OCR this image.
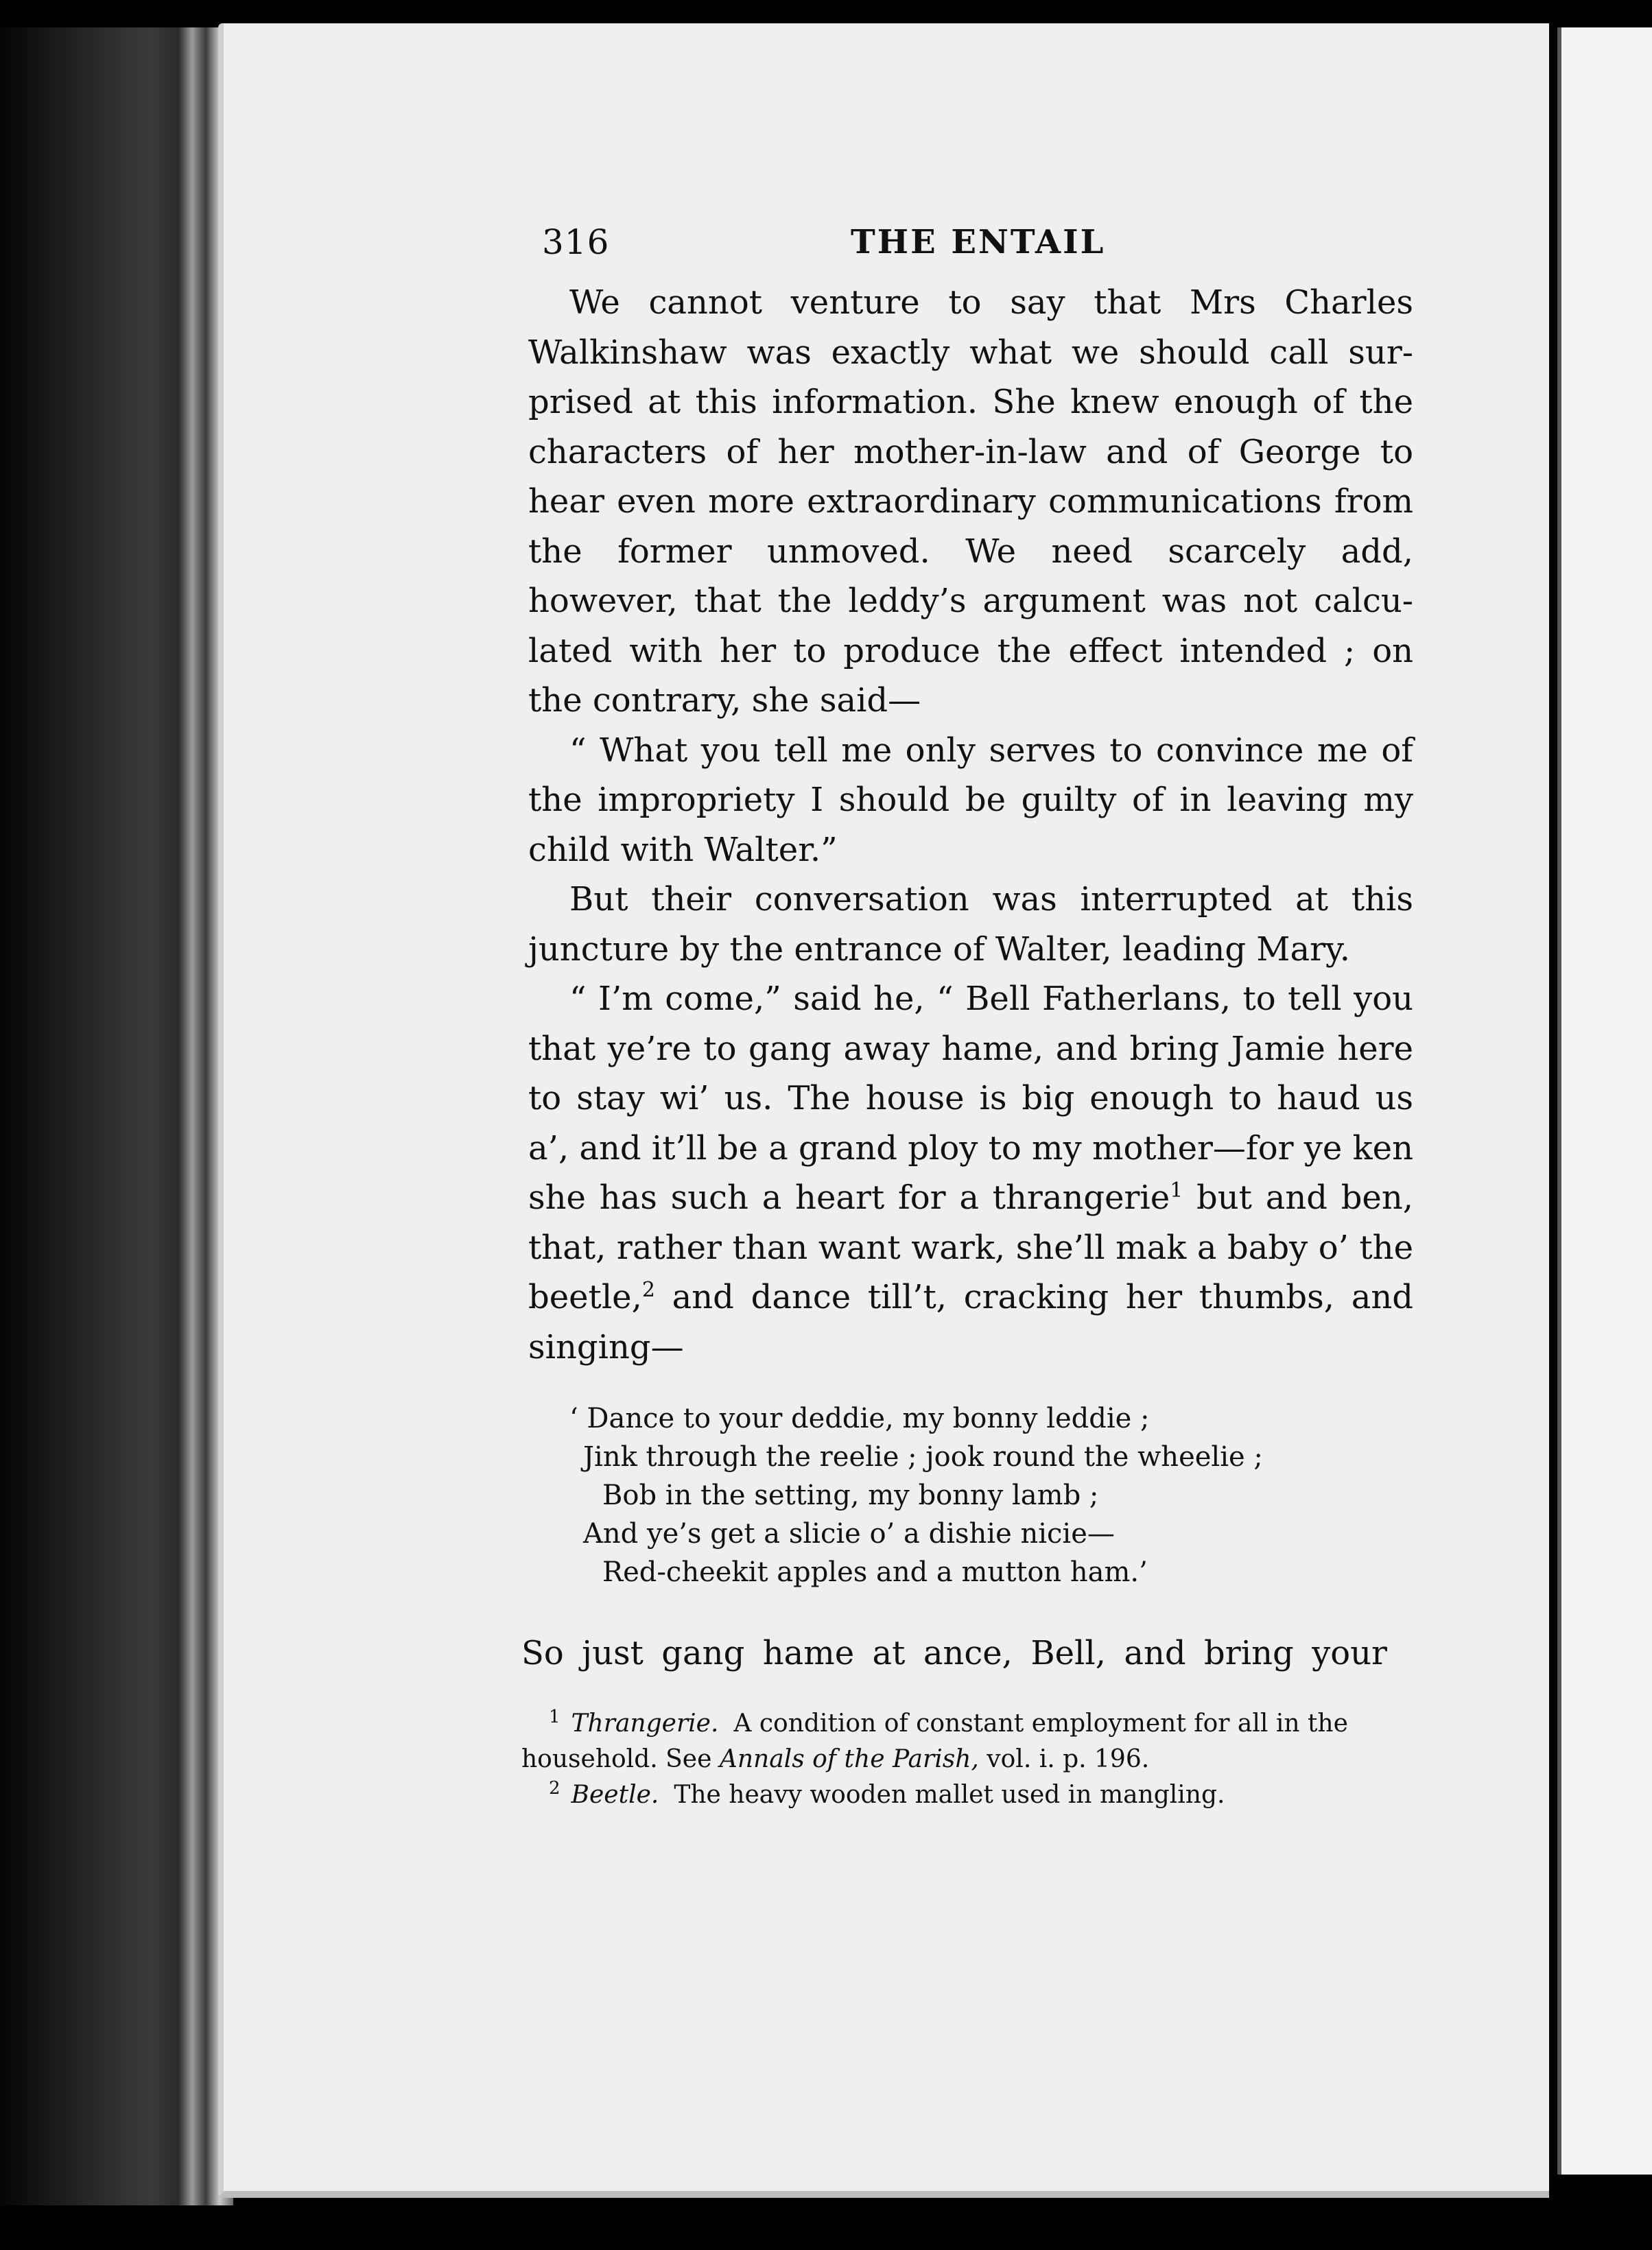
316	THE ENTAIL

We cannot venture to say that Mrs Charles Walkinshaw was exactly what we should call sur- prised at this information. She knew enough of the characters of her mother-in-law and of George to hear even more extraordinary communications from the former unmoved. We need scarcely add, however, that the leddy’s argument was not calcu- lated with her to produce the effect intended ; on the contrary, she said—

“ What you tell me only serves to convince me of the impropriety I should be guilty of in leaving my child with Walter.”

But their conversation was interrupted at this juncture by the entrance of Walter, leading Mary.

“ I’m come,” said he, “ Bell Fatherlans, to tell you that ye’re to gang away hame, and bring Jamie here to stay wi’ us. The house is big enough to haud us a’, and it’ll be a grand ploy to my mother—for ye ken she has such a heart for a thrangerie$^1$ but and ben, that, rather than want wark, she’ll mak a baby o’ the beetle,$^2$ and dance till’t, cracking her thumbs, and singing—

‘ Dance to your deddie, my bonny leddie ;
Jink through the reelie ; jook round the wheelie ;
Bob in the setting, my bonny lamb ;
And ye’s get a slicie o’ a dishie nicie—
Red-cheekit apples and a mutton ham.’
So just gang hame at ance, Bell, and bring your

$^1$ Thrangerie. A condition of constant employment for all in the household. See Annals of the Parish, vol. i. p. 196.

$^2$ Beetle. The heavy wooden mallet used in mangling.
